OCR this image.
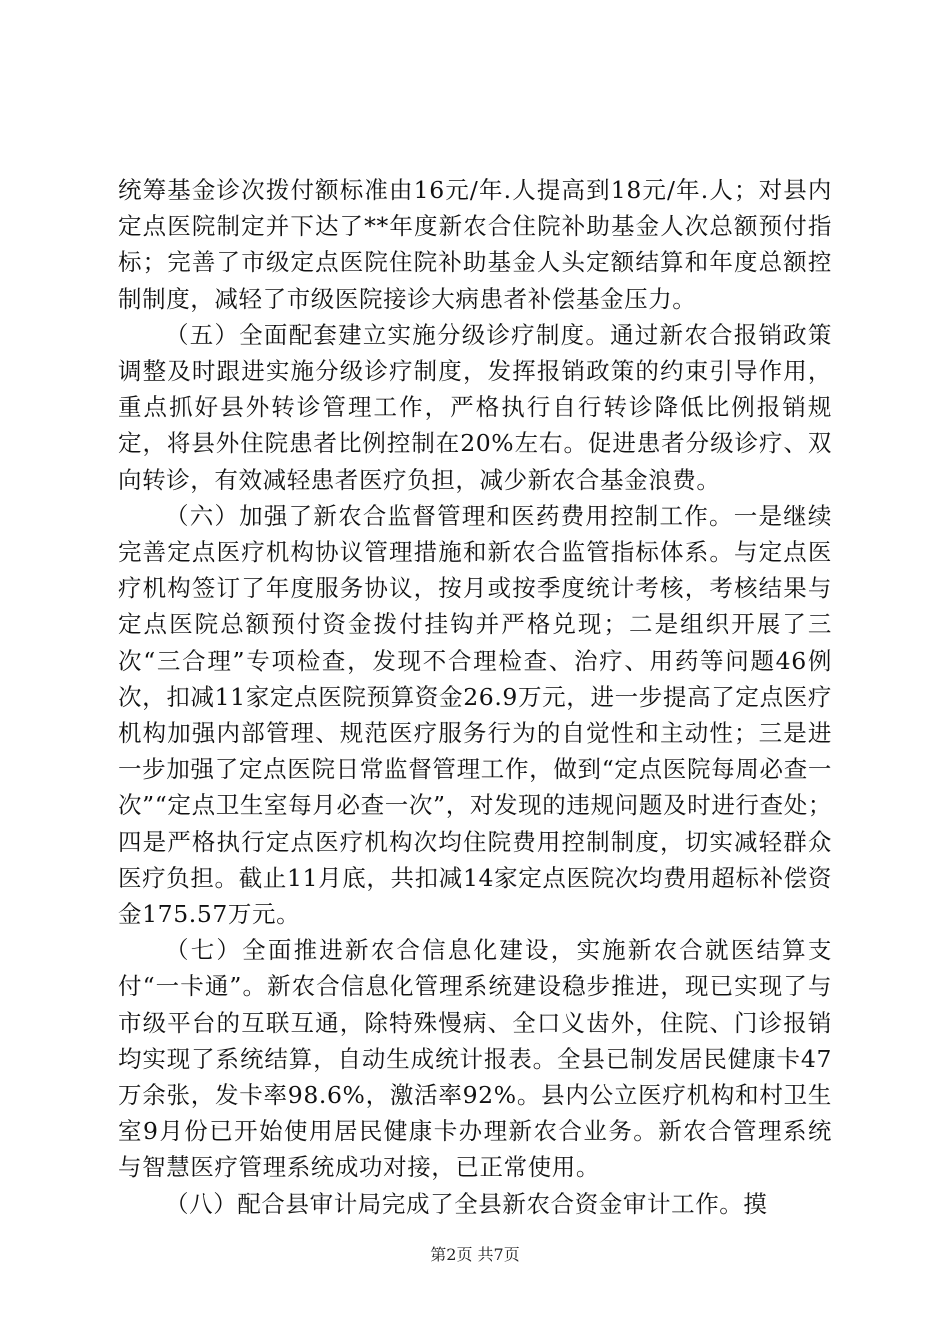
统筹基金诊次拨付额标准由16元/年.人提高到18元/年.人；对县内定点医院制定并下达了**年度新农合住院补助基金人次总额预付指标；完善了市级定点医院住院补助基金人头定额结算和年度总额控制制度，减轻了市级医院接诊大病患者补偿基金压力。

（五）全面配套建立实施分级诊疗制度。通过新农合报销政策调整及时跟进实施分级诊疗制度，发挥报销政策的约束引导作用，重点抓好县外转诊管理工作，严格执行自行转诊降低比例报销规定，将县外住院患者比例控制在20%左右。促进患者分级诊疗、双向转诊，有效减轻患者医疗负担，减少新农合基金浪费。

（六）加强了新农合监督管理和医药费用控制工作。一是继续完善定点医疗机构协议管理措施和新农合监管指标体系。与定点医疗机构签订了年度服务协议，按月或按季度统计考核，考核结果与定点医院总额预付资金拨付挂钩并严格兑现；二是组织开展了三次“三合理”专项检查，发现不合理检查、治疗、用药等问题46例次，扣减11家定点医院预算资金26.9万元，进一步提高了定点医疗机构加强内部管理、规范医疗服务行为的自觉性和主动性；三是进一步加强了定点医院日常监督管理工作，做到“定点医院每周必查一次”“定点卫生室每月必查一次”，对发现的违规问题及时进行查处；四是严格执行定点医疗机构次均住院费用控制制度，切实减轻群众医疗负担。截止11月底，共扣减14家定点医院次均费用超标补偿资金175.57万元。

（七）全面推进新农合信息化建设，实施新农合就医结算支付“一卡通”。新农合信息化管理系统建设稳步推进，现已实现了与市级平台的互联互通，除特殊慢病、全口义齿外，住院、门诊报销均实现了系统结算，自动生成统计报表。全县已制发居民健康卡47万余张，发卡率98.6%，激活率92%。县内公立医疗机构和村卫生室9月份已开始使用居民健康卡办理新农合业务。新农合管理系统与智慧医疗管理系统成功对接，已正常使用。

（八）配合县审计局完成了全县新农合资金审计工作。摸

第2页 共7页
